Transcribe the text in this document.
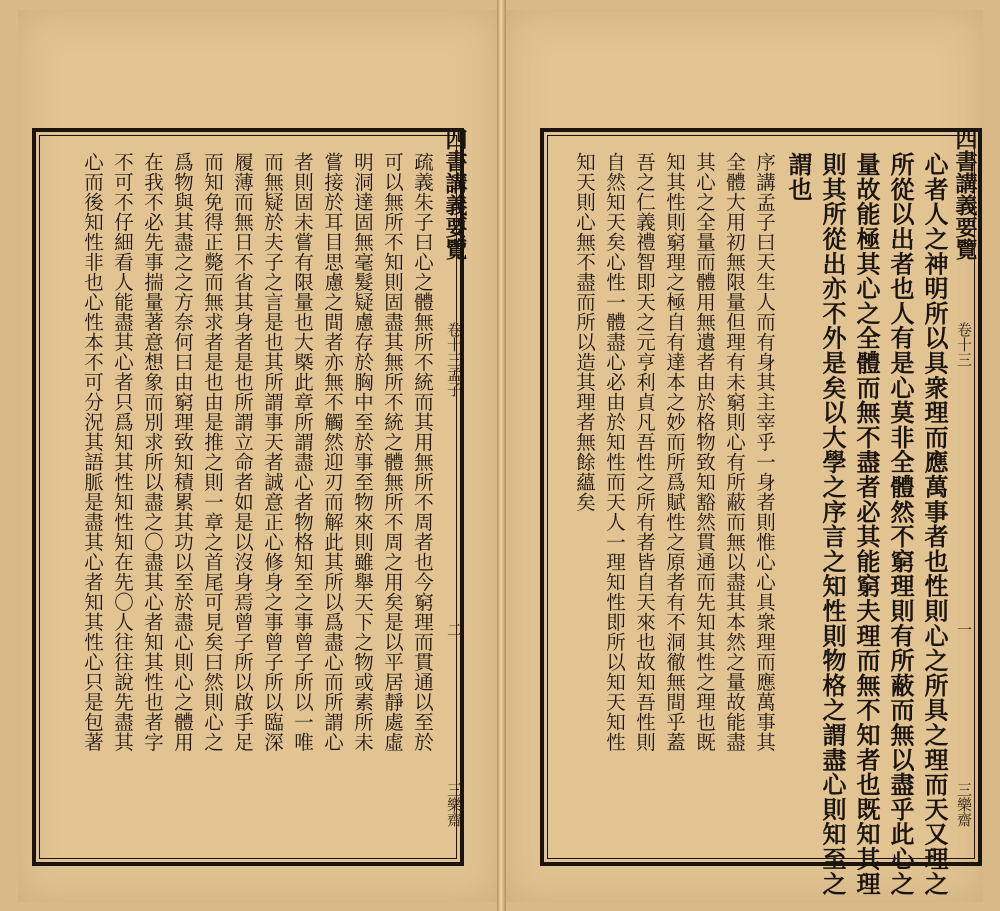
四書講義要覽
卷十三孟子
二
三樂齋
疏義朱子曰心之體無所不統而其用無所不周者也今窮理而貫通以至於
可以無所不知則固盡其無所不統之體無所不周之用矣是以平居靜處虛
明洞達固無毫髮疑慮存於胸中至於事至物來則雖舉天下之物或素所未
嘗接於耳目思慮之間者亦無不觸然迎刃而解此其所以爲盡心而所謂心
者則固未嘗有限量也大槩此章所謂盡心者物格知至之事曾子所以一唯
而無疑於夫子之言是也其所謂事天者誠意正心修身之事曾子所以臨深
履薄而無日不省其身者是也所謂立命者如是以沒身焉曾子所以啟手足
而知免得正斃而無求者是也由是推之則一章之首尾可見矣曰然則心之
爲物與其盡之之方奈何曰由窮理致知積累其功以至於盡心則心之體用
在我不必先事揣量著意想象而別求所以盡之〇盡其心者知其性也者字
不可不仔細看人能盡其心者只爲知其性知性知在先〇人往往說先盡其
心而後知性非也心性本不可分況其語脈是盡其心者知其性心只是包著	四書講義要覽
卷十三
一
三樂齋
心者人之神明所以具衆理而應萬事者也性則心之所具之理而天又理之
所從以出者也人有是心莫非全體然不窮理則有所蔽而無以盡乎此心之
量故能極其心之全體而無不盡者必其能窮夫理而無不知者也既知其理
則其所從出亦不外是矣以大學之序言之知性則物格之謂盡心則知至之
謂也
序講孟子曰天生人而有身其主宰乎一身者則惟心心具衆理而應萬事其
全體大用初無限量但理有未窮則心有所蔽而無以盡其本然之量故能盡
其心之全量而體用無遺者由於格物致知豁然貫通而先知其性之理也既
知其性則窮理之極自有達本之妙而所爲賦性之原者有不洞徹無間乎蓋
吾之仁義禮智即天之元亨利貞凡吾性之所有者皆自天來也故知吾性則
自然知天矣心性一體盡心必由於知性而天人一理知性即所以知天知性
知天則心無不盡而所以造其理者無餘蘊矣
